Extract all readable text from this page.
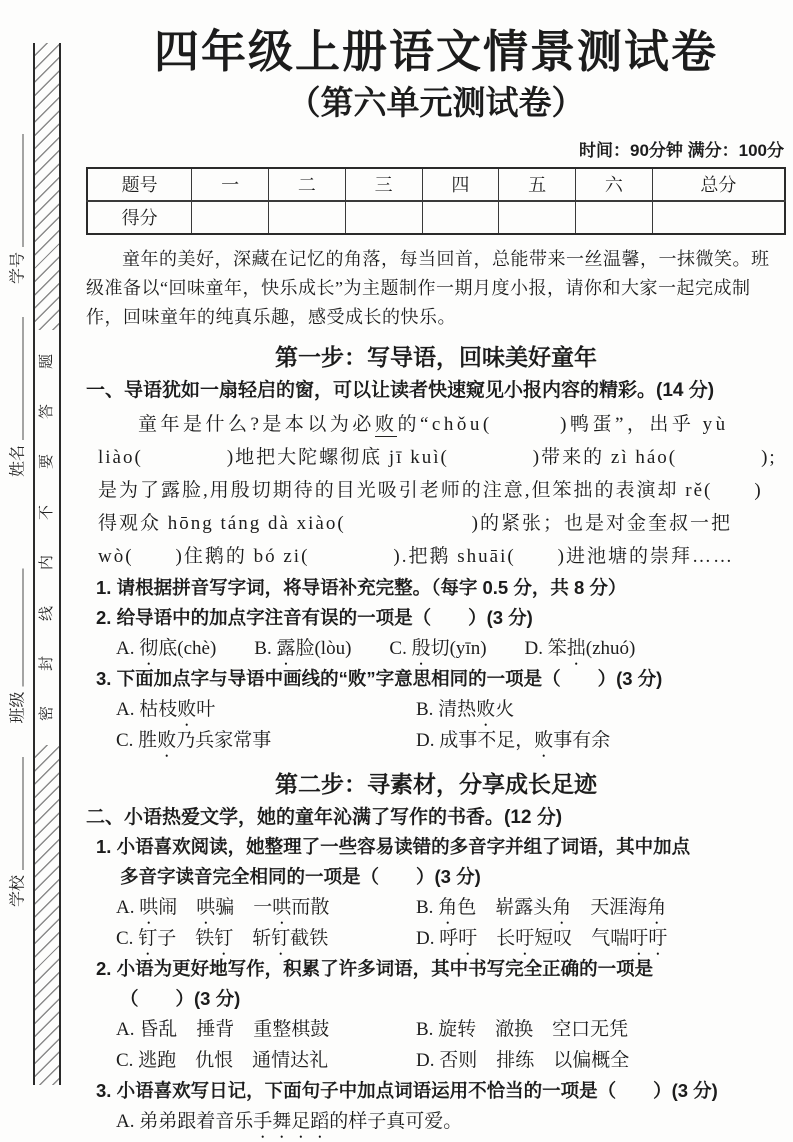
题
答
要
不
内
线
封
密
学号
姓名
班级
学校
四年级上册语文情景测试卷
（第六单元测试卷）
时间：90分钟 满分：100分
题号	一	二	三	四	五	六	总分
得分							
童年的美好，深藏在记忆的角落，每当回首，总能带来一丝温馨，一抹微笑。班级准备以“回味童年，快乐成长”为主题制作一期月度小报，请你和大家一起完成制作，回味童年的纯真乐趣，感受成长的快乐。
第一步：写导语，回味美好童年
一、导语犹如一扇轻启的窗，可以让读者快速窥见小报内容的精彩。(14 分)
童年是什么?是本以为必败的“chǒu(　　　)鸭蛋”，出乎 yù
liào(　　　　)地把大陀螺彻底 jī kuì(　　　　)带来的 zì háo(　　　　);
是为了露脸,用殷切期待的目光吸引老师的注意,但笨拙的表演却 rě(　　)
得观众 hōng táng dà xiào(　　　　　　)的紧张；也是对金奎叔一把
wò(　　)住鹅的 bó zi(　　　　).把鹅 shuāi(　　)进池塘的崇拜……
1. 请根据拼音写字词，将导语补充完整。（每字 0.5 分，共 8 分）
2. 给导语中的加点字注音有误的一项是（　　）(3 分)
A. 彻底(chè)　　B. 露脸(lòu)　　C. 殷切(yīn)　　D. 笨拙(zhuó)
3. 下面加点字与导语中画线的“败”字意思相同的一项是（　　）(3 分)
A. 枯枝败叶	B. 清热败火
C. 胜败乃兵家常事	D. 成事不足，败事有余
第二步：寻素材，分享成长足迹
二、小语热爱文学，她的童年沁满了写作的书香。(12 分)
1. 小语喜欢阅读，她整理了一些容易读错的多音字并组了词语，其中加点
多音字读音完全相同的一项是（　　）(3 分)
A. 哄闹　哄骗　一哄而散	B. 角色　崭露头角　天涯海角
C. 钉子　铁钉　斩钉截铁	D. 呼吁　长吁短叹　气喘吁吁
2. 小语为更好地写作，积累了许多词语，其中书写完全正确的一项是
（　　）(3 分)
A. 昏乱　捶背　重整棋鼓	B. 旋转　澈换　空口无凭
C. 逃跑　仇恨　通情达礼	D. 否则　排练　以偏概全
3. 小语喜欢写日记，下面句子中加点词语运用不恰当的一项是（　　）(3 分)
A. 弟弟跟着音乐手舞足蹈的样子真可爱。
